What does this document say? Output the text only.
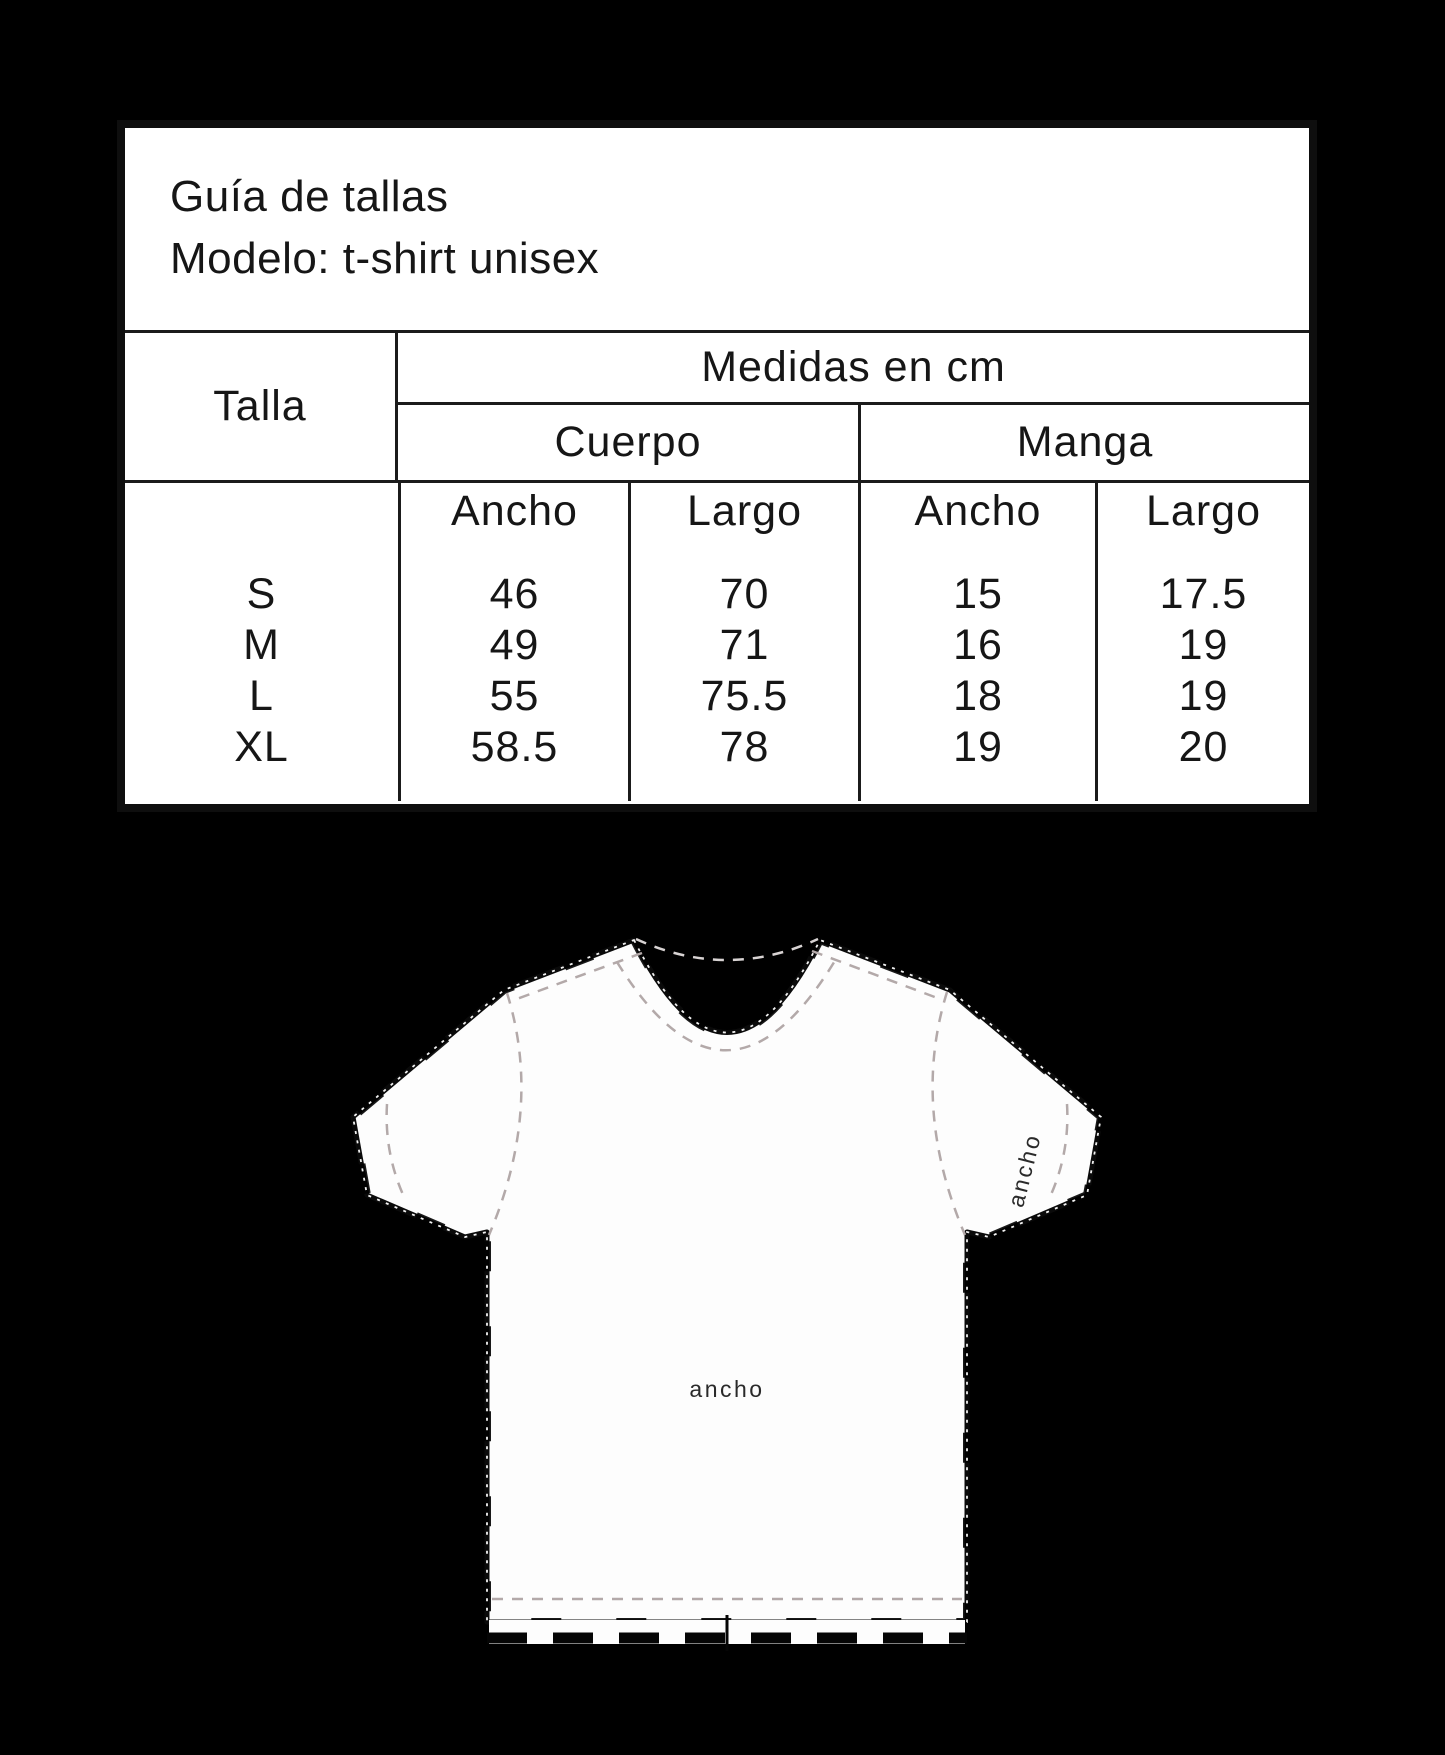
Guía de tallas
Modelo: t-shirt unisex
Talla
Medidas en cm
Cuerpo	Manga
S
M
L
XL
Ancho
46
49
55
58.5
Largo
70
71
75.5
78
Ancho
15
16
18
19
Largo
17.5
19
19
20
ancho
ancho
